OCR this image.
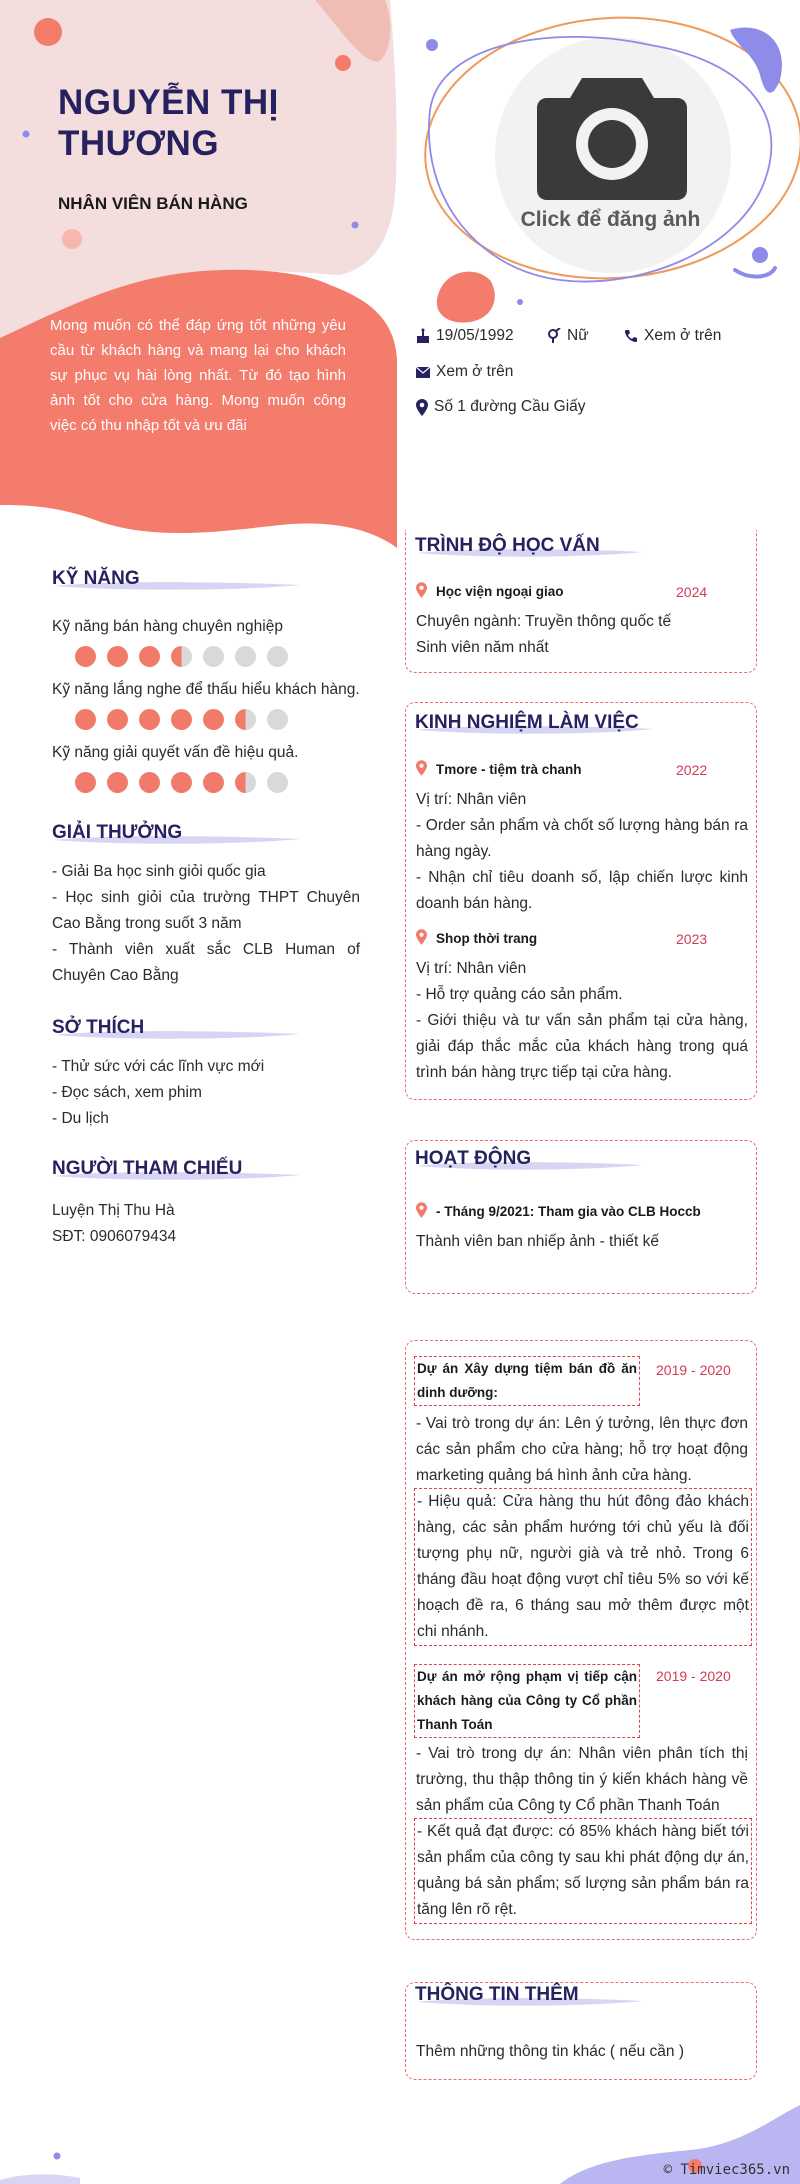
Click để đăng ảnh
NGUYỄN THỊ
THƯƠNG
NHÂN VIÊN BÁN HÀNG
Mong muốn có thể đáp ứng tốt những yêu cầu từ khách hàng và mang lại cho khách sự phục vụ hài lòng nhất. Từ đó tạo hình ảnh tốt cho cửa hàng. Mong muốn công việc có thu nhập tốt và ưu đãi
19/05/1992	Nữ	Xem ở trên
Xem ở trên
Số 1 đường Cầu Giấy
KỸ NĂNG
Kỹ năng bán hàng chuyên nghiệp
Kỹ năng lắng nghe để thấu hiểu khách hàng.
Kỹ năng giải quyết vấn đề hiệu quả.
GIẢI THƯỞNG
- Giải Ba học sinh giỏi quốc gia
- Học sinh giỏi của trường THPT Chuyên Cao Bằng trong suốt 3 năm
- Thành viên xuất sắc CLB Human of Chuyên Cao Bằng
SỞ THÍCH
- Thử sức với các lĩnh vực mới
- Đọc sách, xem phim
- Du lịch
NGƯỜI THAM CHIẾU
Luyện Thị Thu Hà
SĐT: 0906079434
TRÌNH ĐỘ HỌC VẤN
Học viện ngoại giao	2024
Chuyên ngành: Truyền thông quốc tế
Sinh viên năm nhất
KINH NGHIỆM LÀM VIỆC
Tmore - tiệm trà chanh	2022
Vị trí: Nhân viên
- Order sản phẩm và chốt số lượng hàng bán ra hàng ngày.
- Nhận chỉ tiêu doanh số, lập chiến lược kinh doanh bán hàng.
Shop thời trang	2023
Vị trí: Nhân viên
- Hỗ trợ quảng cáo sản phẩm.
- Giới thiệu và tư vấn sản phẩm tại cửa hàng, giải đáp thắc mắc của khách hàng trong quá trình bán hàng trực tiếp tại cửa hàng.
HOẠT ĐỘNG
- Tháng 9/2021: Tham gia vào CLB Hoccb
Thành viên ban nhiếp ảnh - thiết kế
Dự án Xây dựng tiệm bán đồ ăn dinh dưỡng:
2019 - 2020
- Vai trò trong dự án: Lên ý tưởng, lên thực đơn các sản phẩm cho cửa hàng; hỗ trợ hoạt động marketing quảng bá hình ảnh cửa hàng.
- Hiệu quả: Cửa hàng thu hút đông đảo khách hàng, các sản phẩm hướng tới chủ yếu là đối tượng phụ nữ, người già và trẻ nhỏ. Trong 6 tháng đầu hoạt động vượt chỉ tiêu 5% so với kế hoạch đề ra, 6 tháng sau mở thêm được một chi nhánh.
Dự án mở rộng phạm vị tiếp cận khách hàng của Công ty Cổ phần Thanh Toán
2019 - 2020
- Vai trò trong dự án: Nhân viên phân tích thị trường, thu thập thông tin ý kiến khách hàng về sản phẩm của Công ty Cổ phần Thanh Toán
- Kết quả đạt được: có 85% khách hàng biết tới sản phẩm của công ty sau khi phát động dự án, quảng bá sản phẩm; số lượng sản phẩm bán ra tăng lên rõ rệt.
THÔNG TIN THÊM
Thêm những thông tin khác ( nếu cần )
© Timviec365.vn
